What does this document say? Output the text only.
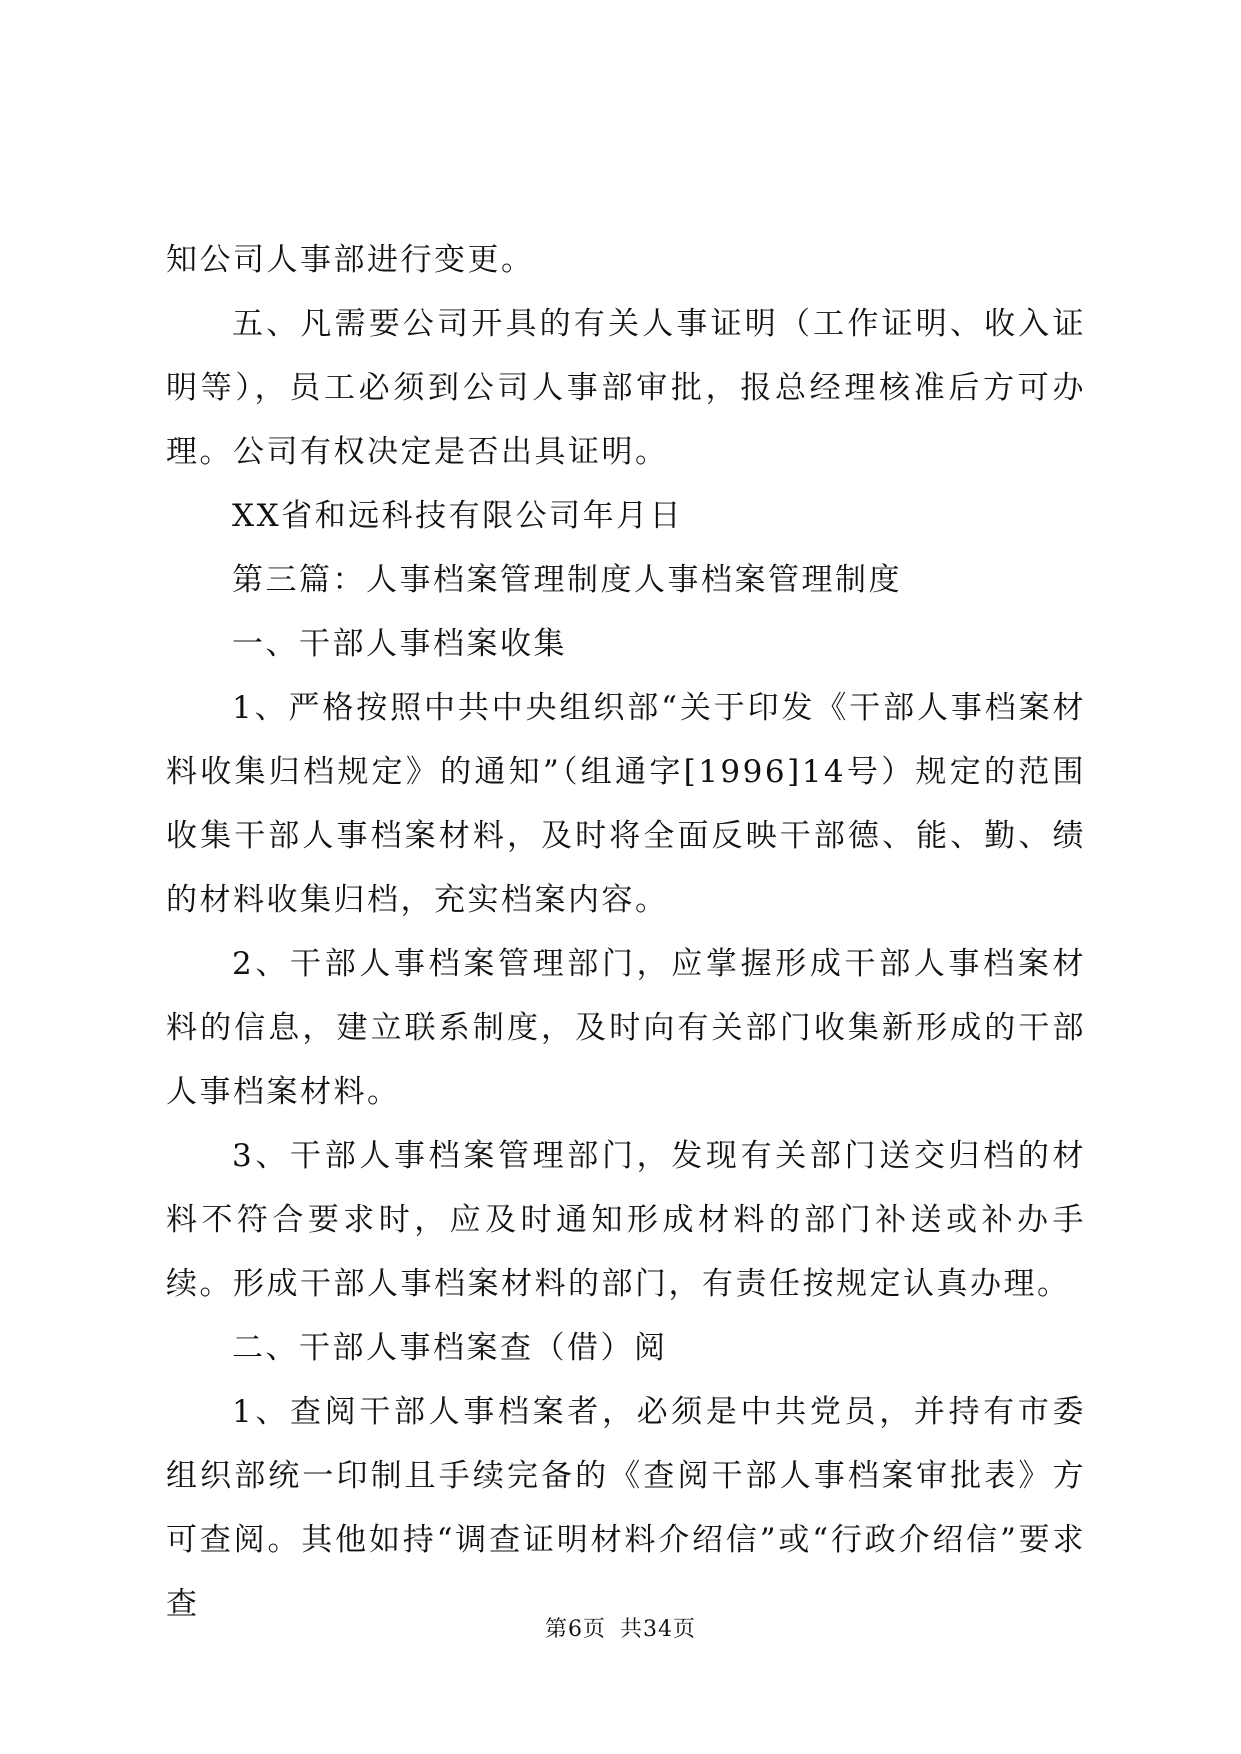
知公司人事部进行变更。

五、凡需要公司开具的有关人事证明（工作证明、收入证明等），员工必须到公司人事部审批，报总经理核准后方可办理。公司有权决定是否出具证明。

XX省和远科技有限公司年月日

第三篇：人事档案管理制度人事档案管理制度

一、干部人事档案收集

1、严格按照中共中央组织部“关于印发《干部人事档案材料收集归档规定》的通知”（组通字[1996]14号）规定的范围收集干部人事档案材料，及时将全面反映干部德、能、勤、绩的材料收集归档，充实档案内容。

2、干部人事档案管理部门，应掌握形成干部人事档案材料的信息，建立联系制度，及时向有关部门收集新形成的干部人事档案材料。

3、干部人事档案管理部门，发现有关部门送交归档的材料不符合要求时，应及时通知形成材料的部门补送或补办手续。形成干部人事档案材料的部门，有责任按规定认真办理。

二、干部人事档案查（借）阅

1、查阅干部人事档案者，必须是中共党员，并持有市委组织部统一印制且手续完备的《查阅干部人事档案审批表》方可查阅。其他如持“调查证明材料介绍信”或“行政介绍信”要求查

第6页 共34页
